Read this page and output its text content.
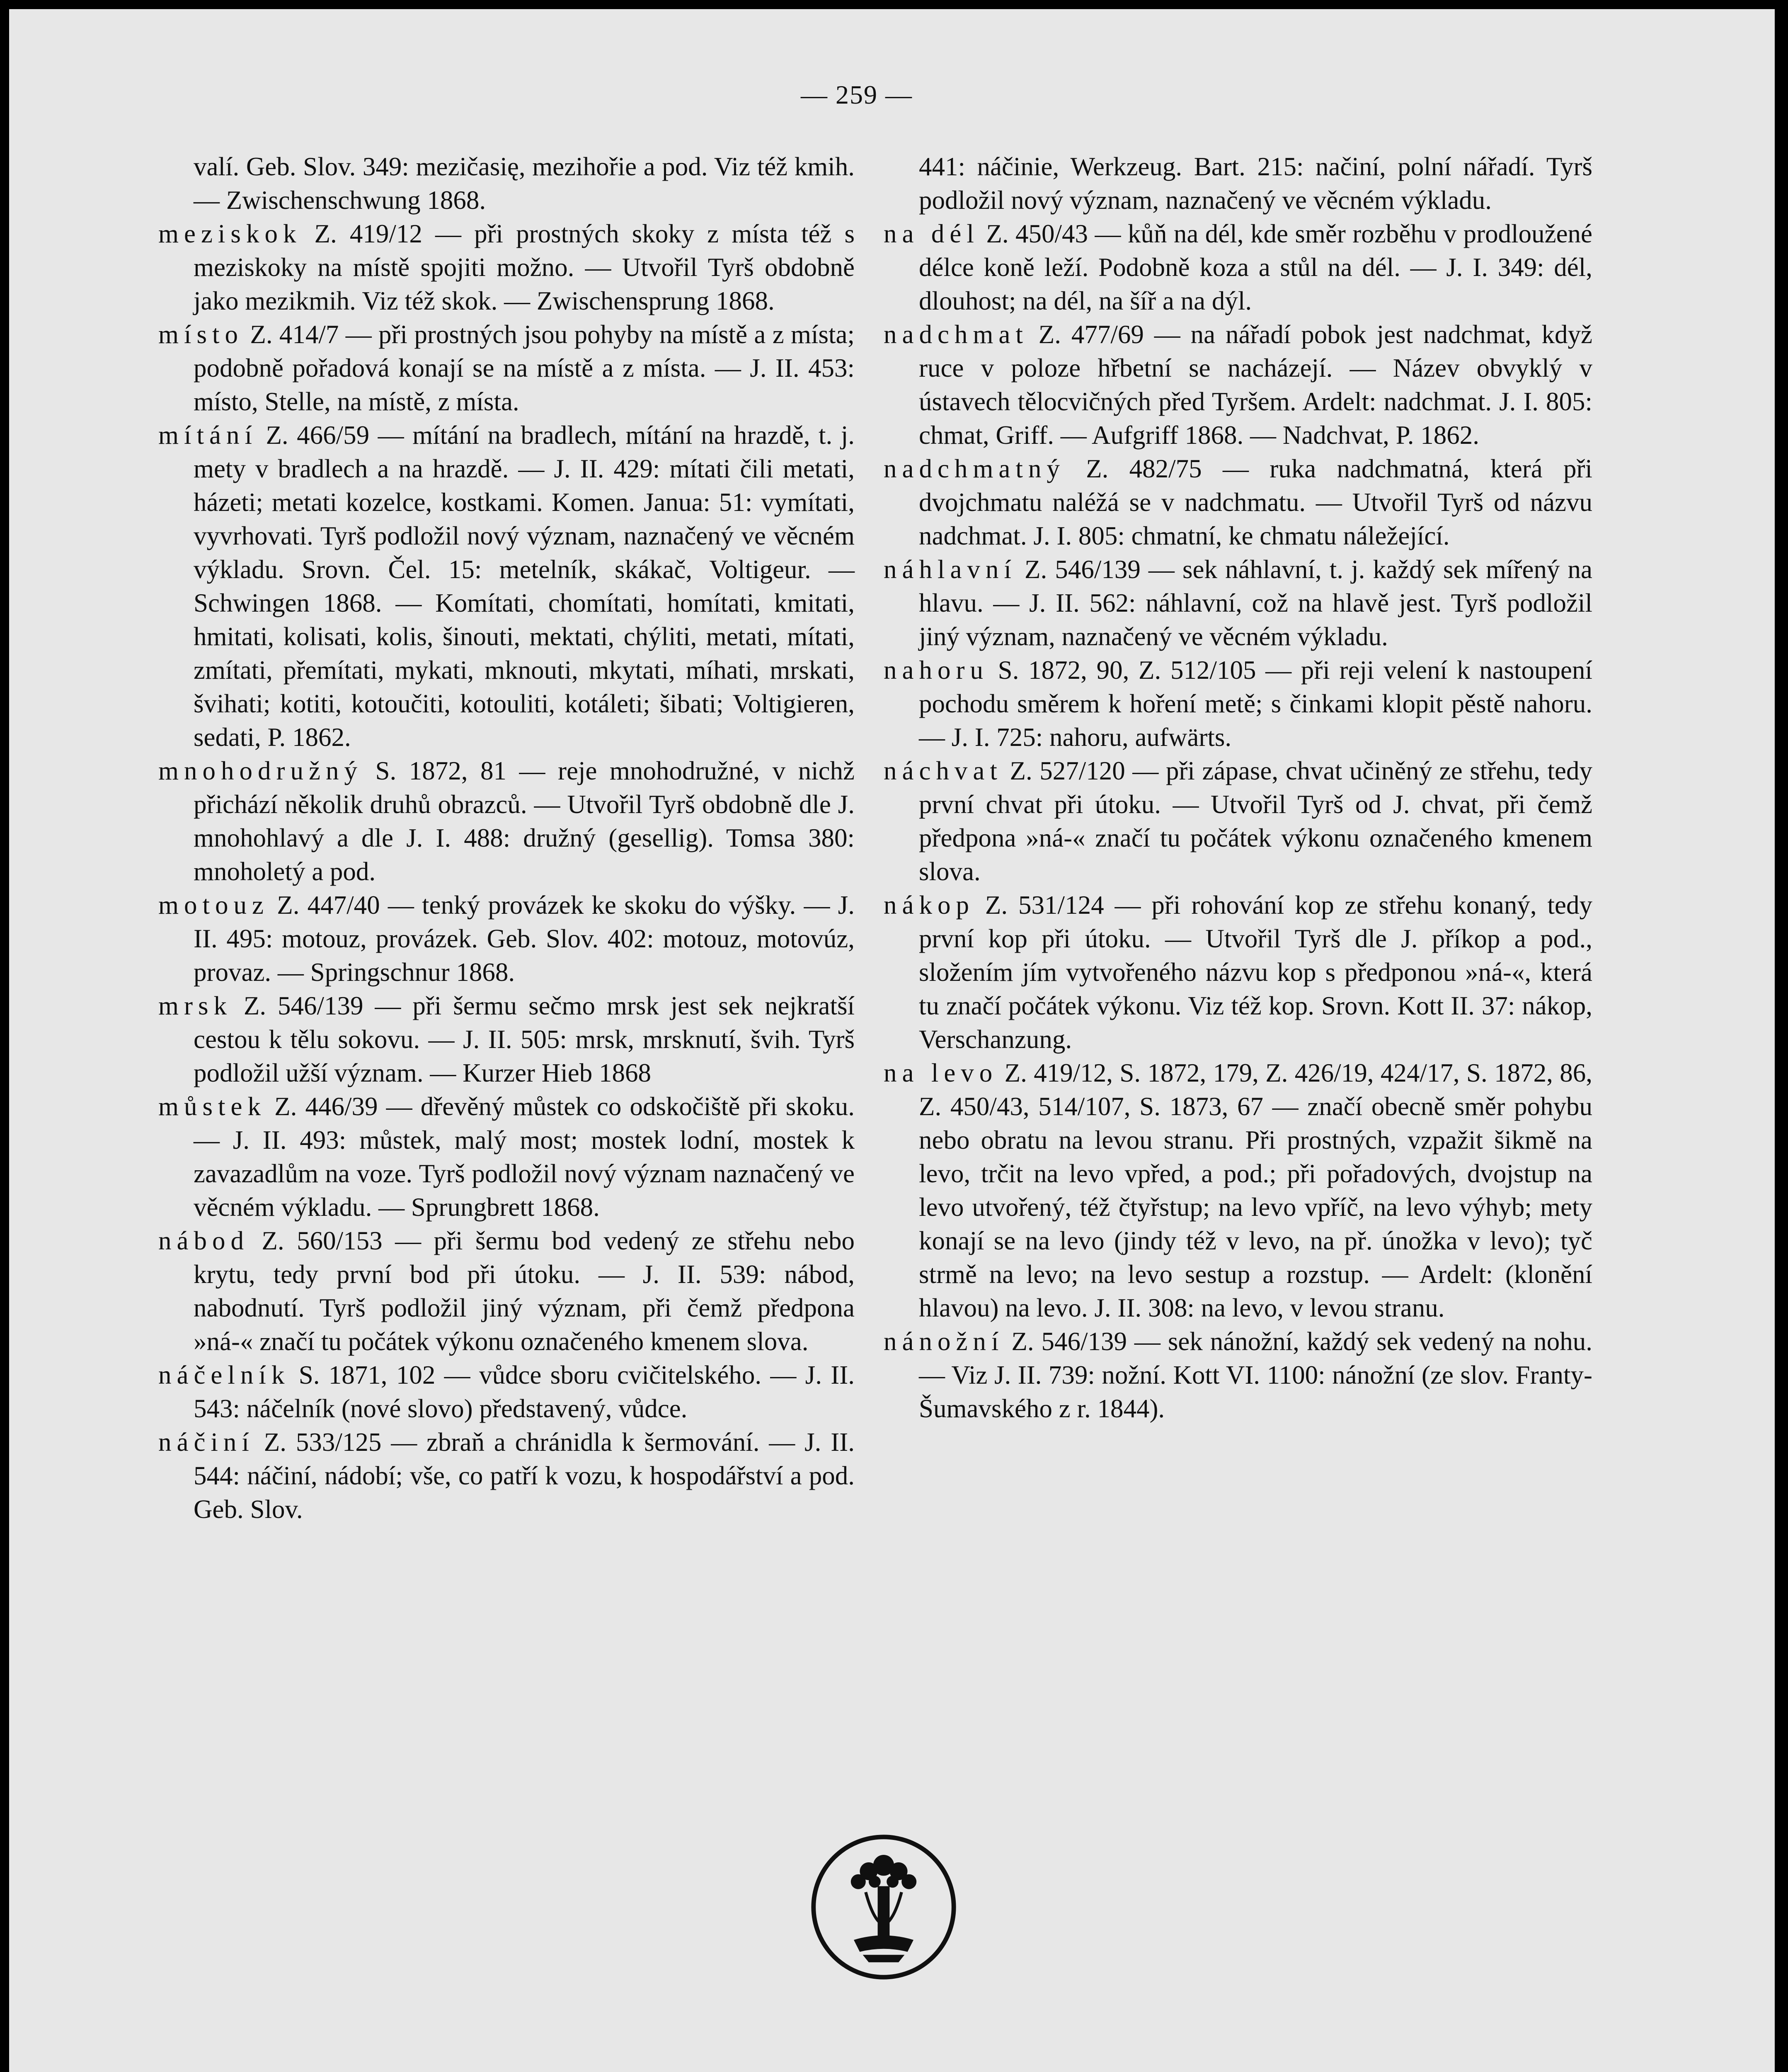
— 259 —

valí. Geb. Slov. 349: mezičasię, mezihořie a pod. Viz též kmih. — Zwischenschwung 1868.

meziskok Z. 419/12 — při prostných skoky z místa též s meziskoky na místě spojiti možno. — Utvořil Tyrš obdobně jako mezikmih. Viz též skok. — Zwischensprung 1868.

místo Z. 414/7 — při prostných jsou pohyby na místě a z místa; podobně pořadová konají se na místě a z místa. — J. II. 453: místo, Stelle, na místě, z místa.

mítání Z. 466/59 — mítání na bradlech, mítání na hrazdě, t. j. mety v bradlech a na hrazdě. — J. II. 429: mítati čili metati, házeti; metati kozelce, kostkami. Komen. Janua: 51: vymítati, vyvrhovati. Tyrš podložil nový význam, naznačený ve věcném výkladu. Srovn. Čel. 15: metelník, skákač, Voltigeur. — Schwingen 1868. — Komítati, chomítati, homítati, kmitati, hmitati, kolisati, kolis, šinouti, mektati, chýliti, metati, mítati, zmítati, přemítati, mykati, mknouti, mkytati, míhati, mrskati, švihati; kotiti, kotoučiti, kotouliti, kotáleti; šibati; Voltigieren, sedati, P. 1862.

mnohodružný S. 1872, 81 — reje mnohodružné, v nichž přichází několik druhů obrazců. — Utvořil Tyrš obdobně dle J. mnohohlavý a dle J. I. 488: družný (gesellig). Tomsa 380: mnoholetý a pod.

motouz Z. 447/40 — tenký provázek ke skoku do výšky. — J. II. 495: motouz, provázek. Geb. Slov. 402: motouz, motovúz, provaz. — Springschnur 1868.

mrsk Z. 546/139 — při šermu sečmo mrsk jest sek nejkratší cestou k tělu sokovu. — J. II. 505: mrsk, mrsknutí, švih. Tyrš podložil užší význam. — Kurzer Hieb 1868

můstek Z. 446/39 — dřevěný můstek co odskočiště při skoku. — J. II. 493: můstek, malý most; mostek lodní, mostek k zavazadlům na voze. Tyrš podložil nový význam naznačený ve věcném výkladu. — Sprungbrett 1868.

nábod Z. 560/153 — při šermu bod vedený ze střehu nebo krytu, tedy první bod při útoku. — J. II. 539: nábod, nabodnutí. Tyrš podložil jiný význam, při čemž předpona »ná-« značí tu počátek výkonu označeného kmenem slova.

náčelník S. 1871, 102 — vůdce sboru cvičitelského. — J. II. 543: náčelník (nové slovo) představený, vůdce.

náčiní Z. 533/125 — zbraň a chránidla k šermování. — J. II. 544: náčiní, nádobí; vše, co patří k vozu, k hospodářství a pod. Geb. Slov.

441: náčinie, Werkzeug. Bart. 215: načiní, polní nářadí. Tyrš podložil nový význam, naznačený ve věcném výkladu.

na dél Z. 450/43 — kůň na dél, kde směr rozběhu v prodloužené délce koně leží. Podobně koza a stůl na dél. — J. I. 349: dél, dlouhost; na dél, na šíř a na dýl.

nadchmat Z. 477/69 — na nářadí pobok jest nadchmat, když ruce v poloze hřbetní se nacházejí. — Název obvyklý v ústavech tělocvičných před Tyršem. Ardelt: nadchmat. J. I. 805: chmat, Griff. — Aufgriff 1868. — Nadchvat, P. 1862.

nadchmatný Z. 482/75 — ruka nadchmatná, která při dvojchmatu naléžá se v nadchmatu. — Utvořil Tyrš od názvu nadchmat. J. I. 805: chmatní, ke chmatu náležející.

náhlavní Z. 546/139 — sek náhlavní, t. j. každý sek mířený na hlavu. — J. II. 562: náhlavní, což na hlavě jest. Tyrš podložil jiný význam, naznačený ve věcném výkladu.

nahoru S. 1872, 90, Z. 512/105 — při reji velení k nastoupení pochodu směrem k hoření metě; s činkami klopit pěstě nahoru. — J. I. 725: nahoru, aufwärts.

náchvat Z. 527/120 — při zápase, chvat učiněný ze střehu, tedy první chvat při útoku. — Utvořil Tyrš od J. chvat, při čemž předpona »ná-« značí tu počátek výkonu označeného kmenem slova.

nákop Z. 531/124 — při rohování kop ze střehu konaný, tedy první kop při útoku. — Utvořil Tyrš dle J. příkop a pod., složením jím vytvořeného názvu kop s předponou »ná-«, která tu značí počátek výkonu. Viz též kop. Srovn. Kott II. 37: nákop, Verschanzung.

na levo Z. 419/12, S. 1872, 179, Z. 426/19, 424/17, S. 1872, 86, Z. 450/43, 514/107, S. 1873, 67 — značí obecně směr pohybu nebo obratu na levou stranu. Při prostných, vzpažit šikmě na levo, trčit na levo vpřed, a pod.; při pořadových, dvojstup na levo utvořený, též čtyřstup; na levo vpříč, na levo výhyb; mety konají se na levo (jindy též v levo, na př. únožka v levo); tyč strmě na levo; na levo sestup a rozstup. — Ardelt: (klonění hlavou) na levo. J. II. 308: na levo, v levou stranu.

nánožní Z. 546/139 — sek nánožní, každý sek vedený na nohu. — Viz J. II. 739: nožní. Kott VI. 1100: nánožní (ze slov. Franty-Šumavského z r. 1844).
